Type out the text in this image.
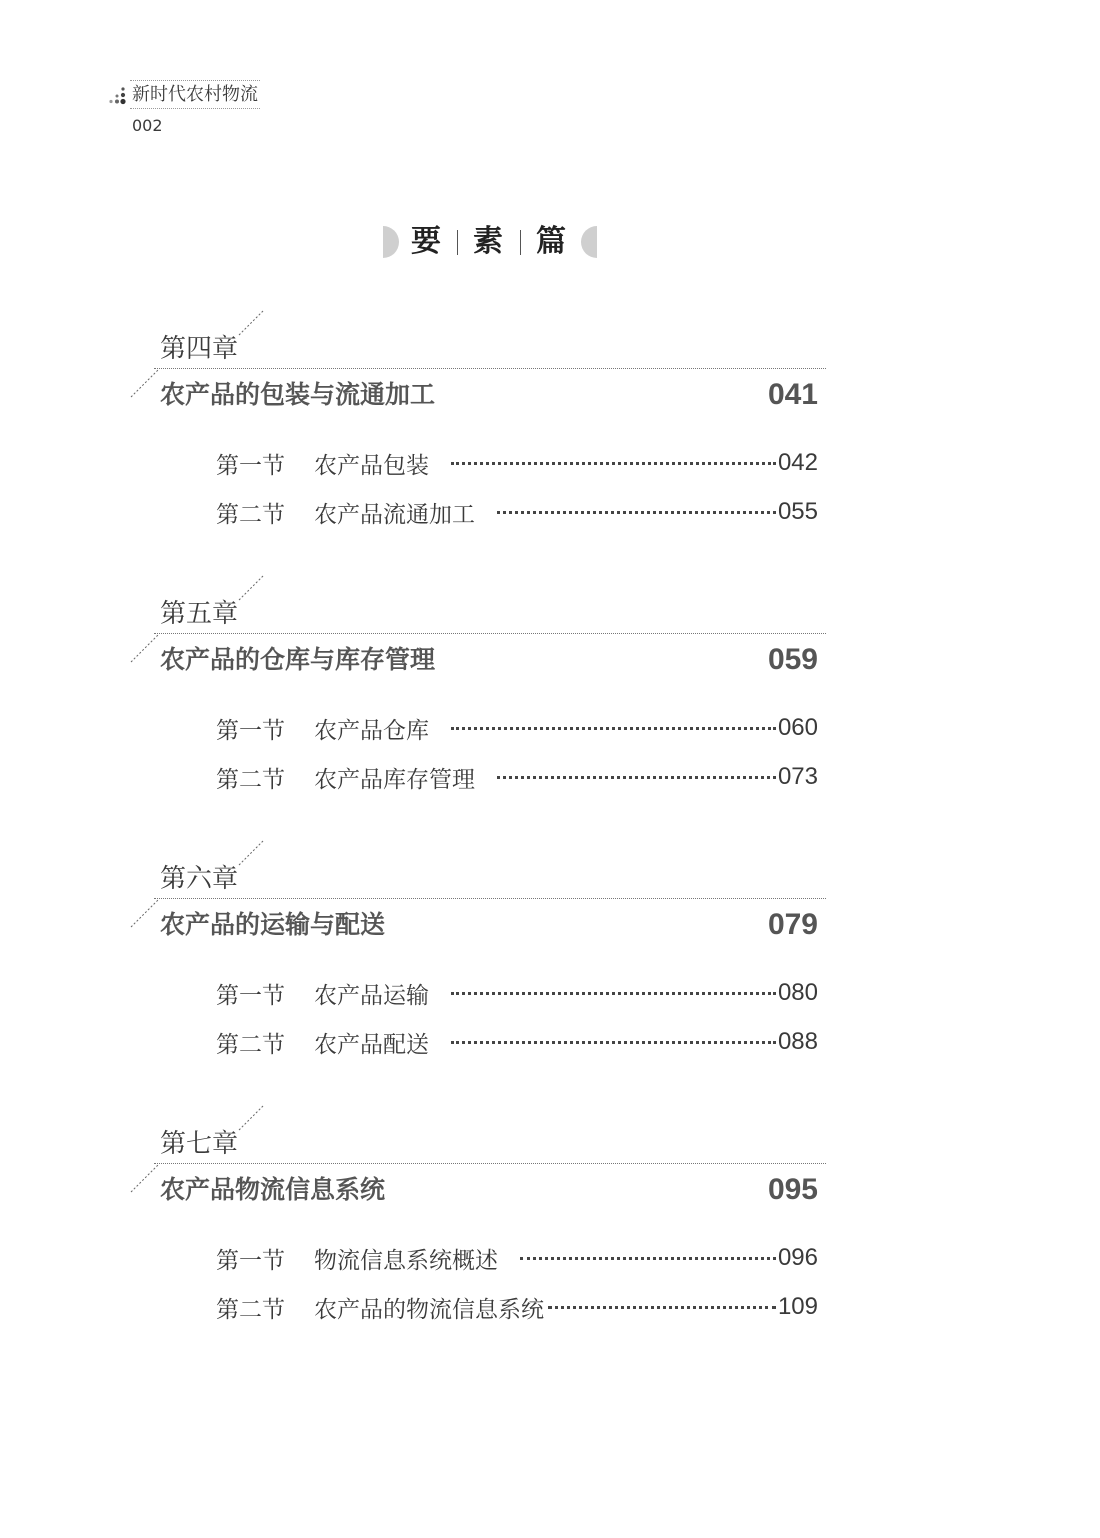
新时代农村物流
002
要 素 篇
第四章
农产品的包装与流通加工	041
第一节	农产品包装	042
第二节	农产品流通加工	055
第五章
农产品的仓库与库存管理	059
第一节	农产品仓库	060
第二节	农产品库存管理	073
第六章
农产品的运输与配送	079
第一节	农产品运输	080
第二节	农产品配送	088
第七章
农产品物流信息系统	095
第一节	物流信息系统概述	096
第二节	农产品的物流信息系统	109
